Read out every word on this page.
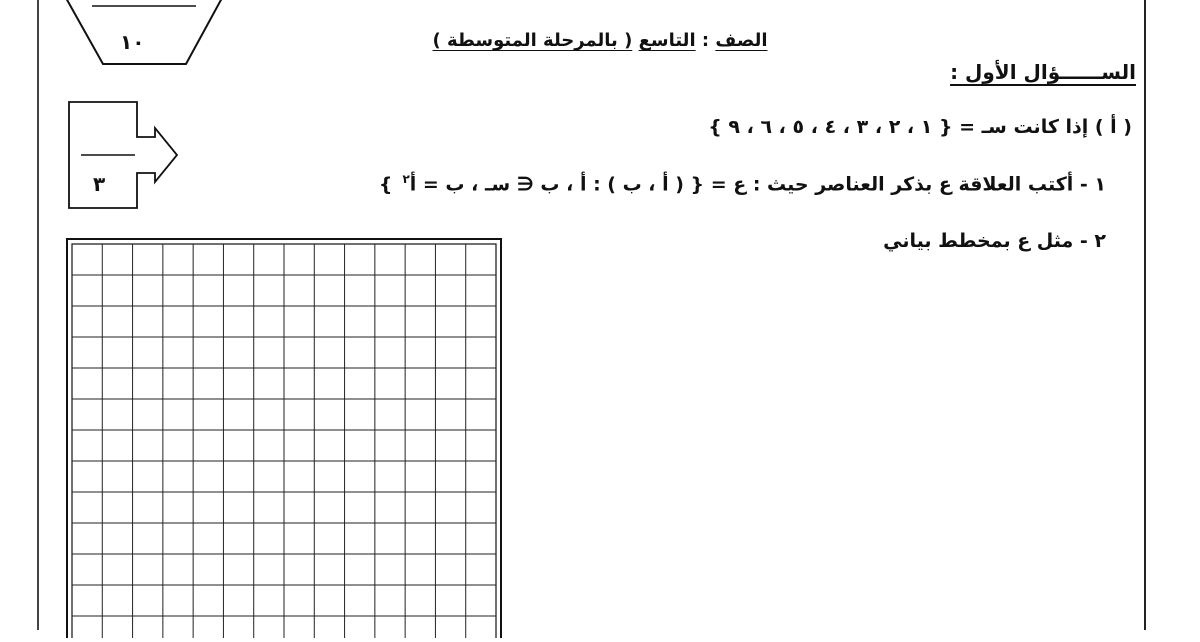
١٠
٣
الصف : التاسع ( بالمرحلة المتوسطة )
الســــــؤال الأول :
( أ ) إذا كانت سـ = { ١ ، ٢ ، ٣ ، ٤ ، ٥ ، ٦ ، ٩ }
١ - أكتب العلاقة ع بذكر العناصر حيث : ع = { ( أ ، ب ) : أ ، ب ∈ سـ ، ب = أ$^٢$}
٢ - مثل ع بمخطط بياني
